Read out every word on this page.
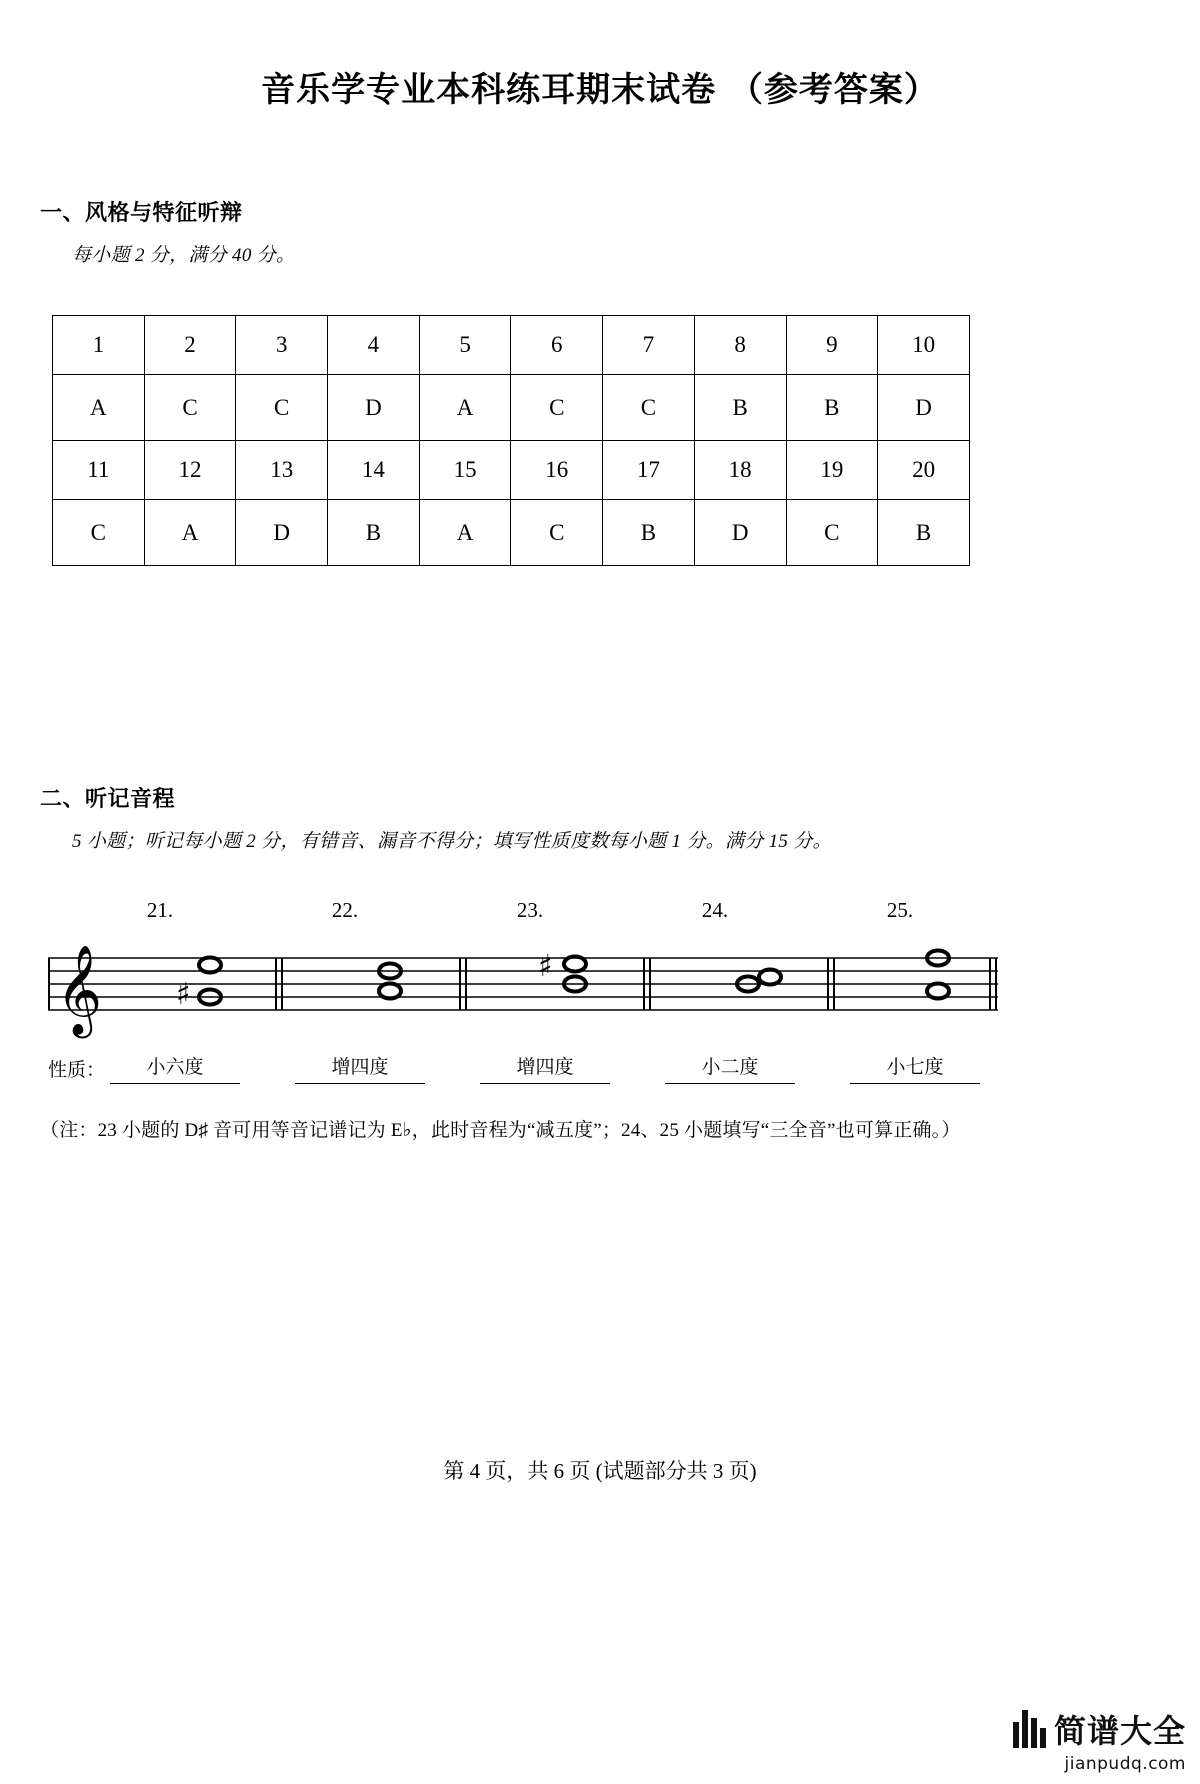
音乐学专业本科练耳期末试卷 （参考答案）
一、风格与特征听辩
每小题 2 分，满分 40 分。
1	2	3	4	5	6	7	8	9	10
A	C	C	D	A	C	C	B	B	D
11	12	13	14	15	16	17	18	19	20
C	A	D	B	A	C	B	D	C	B
二、听记音程
5 小题；听记每小题 2 分，有错音、漏音不得分；填写性质度数每小题 1 分。满分 15 分。
21.	22.	23.	24.	25.
𝄞 ♯
♯
性质：	小六度	增四度	增四度	小二度	小七度
（注：23 小题的 D♯ 音可用等音记谱记为 E♭，此时音程为“减五度”；24、25 小题填写“三全音”也可算正确。）
第 4 页，共 6 页 (试题部分共 3 页)
简谱大全
jianpudq.com
